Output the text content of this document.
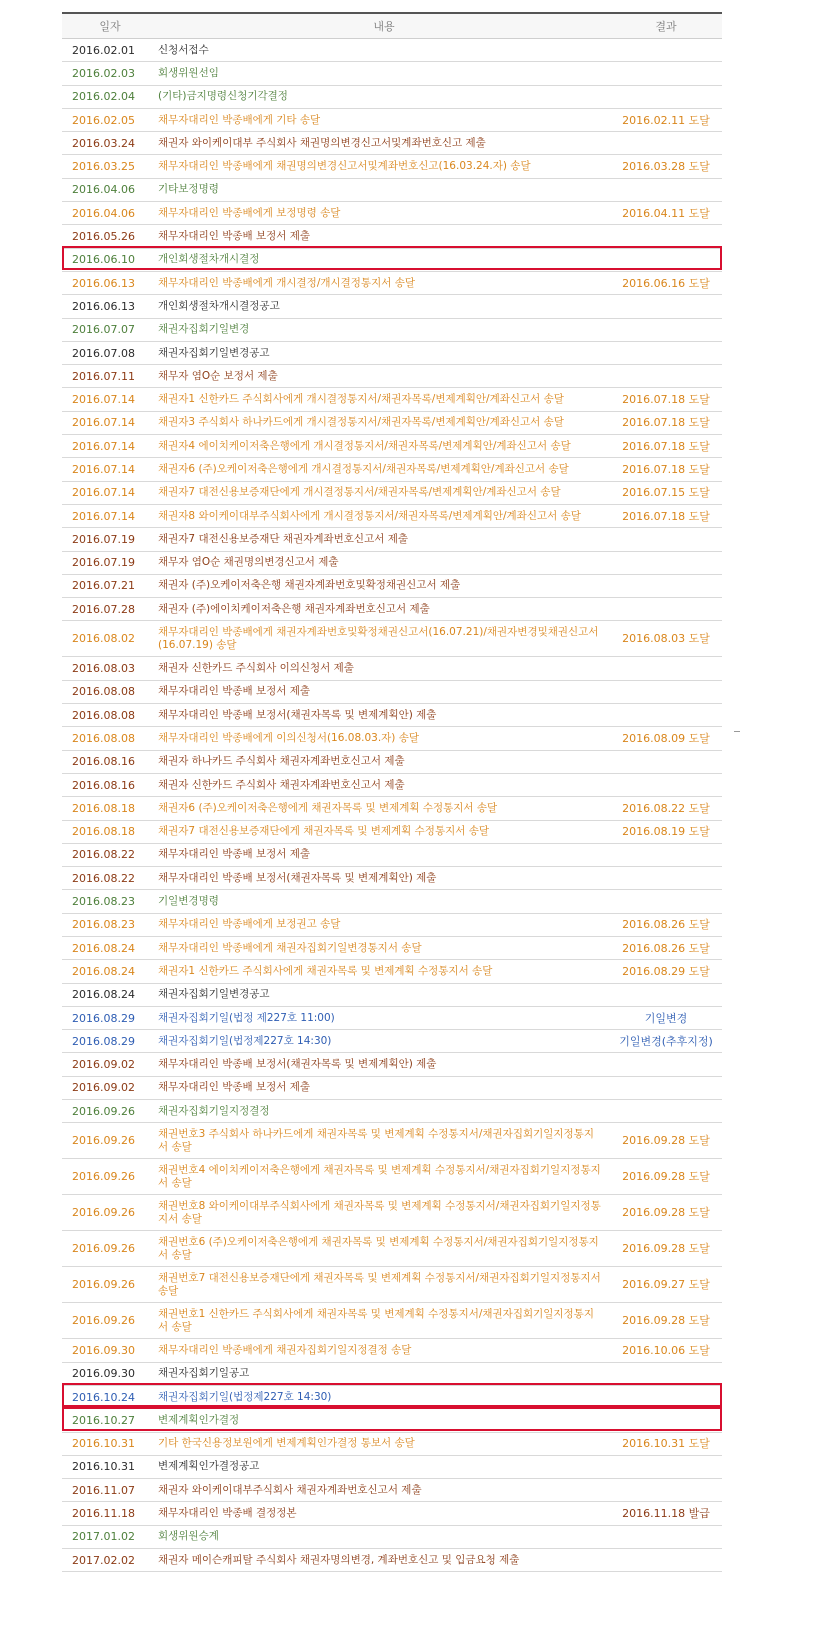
일자	내용	결과
2016.02.01	신청서접수	
2016.02.03	회생위원선임	
2016.02.04	(기타)금지명령신청기각결정	
2016.02.05	채무자대리인 박종배에게 기타 송달	2016.02.11 도달
2016.03.24	채권자 와이케이대부 주식회사 채권명의변경신고서및계좌번호신고 제출	
2016.03.25	채무자대리인 박종배에게 채권명의변경신고서및계좌번호신고(16.03.24.자) 송달	2016.03.28 도달
2016.04.06	기타보정명령	
2016.04.06	채무자대리인 박종배에게 보정명령 송달	2016.04.11 도달
2016.05.26	채무자대리인 박종배 보정서 제출	
2016.06.10	개인회생절차개시결정	
2016.06.13	채무자대리인 박종배에게 개시결정/개시결정통지서 송달	2016.06.16 도달
2016.06.13	개인회생절차개시결정공고	
2016.07.07	채권자집회기일변경	
2016.07.08	채권자집회기일변경공고	
2016.07.11	채무자 염O순 보정서 제출	
2016.07.14	채권자1 신한카드 주식회사에게 개시결정통지서/채권자목록/변제계획안/계좌신고서 송달	2016.07.18 도달
2016.07.14	채권자3 주식회사 하나카드에게 개시결정통지서/채권자목록/변제계획안/계좌신고서 송달	2016.07.18 도달
2016.07.14	채권자4 에이치케이저축은행에게 개시결정통지서/채권자목록/변제계획안/계좌신고서 송달	2016.07.18 도달
2016.07.14	채권자6 (주)오케이저축은행에게 개시결정통지서/채권자목록/변제계획안/계좌신고서 송달	2016.07.18 도달
2016.07.14	채권자7 대전신용보증재단에게 개시결정통지서/채권자목록/변제계획안/계좌신고서 송달	2016.07.15 도달
2016.07.14	채권자8 와이케이대부주식회사에게 개시결정통지서/채권자목록/변제계획안/계좌신고서 송달	2016.07.18 도달
2016.07.19	채권자7 대전신용보증재단 채권자계좌번호신고서 제출	
2016.07.19	채무자 염O순 채권명의변경신고서 제출	
2016.07.21	채권자 (주)오케이저축은행 채권자계좌번호및확정채권신고서 제출	
2016.07.28	채권자 (주)에이치케이저축은행 채권자계좌번호신고서 제출	
2016.08.02	채무자대리인 박종배에게 채권자계좌번호및확정채권신고서(16.07.21)/채권자변경및채권신고서(16.07.19) 송달	2016.08.03 도달
2016.08.03	채권자 신한카드 주식회사 이의신청서 제출	
2016.08.08	채무자대리인 박종배 보정서 제출	
2016.08.08	채무자대리인 박종배 보정서(채권자목록 및 변제계획안) 제출	
2016.08.08	채무자대리인 박종배에게 이의신청서(16.08.03.자) 송달	2016.08.09 도달
2016.08.16	채권자 하나카드 주식회사 채권자계좌번호신고서 제출	
2016.08.16	채권자 신한카드 주식회사 채권자계좌번호신고서 제출	
2016.08.18	채권자6 (주)오케이저축은행에게 채권자목록 및 변제계획 수정통지서 송달	2016.08.22 도달
2016.08.18	채권자7 대전신용보증재단에게 채권자목록 및 변제계획 수정통지서 송달	2016.08.19 도달
2016.08.22	채무자대리인 박종배 보정서 제출	
2016.08.22	채무자대리인 박종배 보정서(채권자목록 및 변제계획안) 제출	
2016.08.23	기일변경명령	
2016.08.23	채무자대리인 박종배에게 보정권고 송달	2016.08.26 도달
2016.08.24	채무자대리인 박종배에게 채권자집회기일변경통지서 송달	2016.08.26 도달
2016.08.24	채권자1 신한카드 주식회사에게 채권자목록 및 변제계획 수정통지서 송달	2016.08.29 도달
2016.08.24	채권자집회기일변경공고	
2016.08.29	채권자집회기일(법정 제227호 11:00)	기일변경
2016.08.29	채권자집회기일(법정제227호 14:30)	기일변경(추후지정)
2016.09.02	채무자대리인 박종배 보정서(채권자목록 및 변제계획안) 제출	
2016.09.02	채무자대리인 박종배 보정서 제출	
2016.09.26	채권자집회기일지정결정	
2016.09.26	채권번호3 주식회사 하나카드에게 채권자목록 및 변제계획 수정통지서/채권자집회기일지정통지서 송달	2016.09.28 도달
2016.09.26	채권번호4 에이치케이저축은행에게 채권자목록 및 변제계획 수정통지서/채권자집회기일지정통지서 송달	2016.09.28 도달
2016.09.26	채권번호8 와이케이대부주식회사에게 채권자목록 및 변제계획 수정통지서/채권자집회기일지정통지서 송달	2016.09.28 도달
2016.09.26	채권번호6 (주)오케이저축은행에게 채권자목록 및 변제계획 수정통지서/채권자집회기일지정통지서 송달	2016.09.28 도달
2016.09.26	채권번호7 대전신용보증재단에게 채권자목록 및 변제계획 수정통지서/채권자집회기일지정통지서 송달	2016.09.27 도달
2016.09.26	채권번호1 신한카드 주식회사에게 채권자목록 및 변제계획 수정통지서/채권자집회기일지정통지서 송달	2016.09.28 도달
2016.09.30	채무자대리인 박종배에게 채권자집회기일지정결정 송달	2016.10.06 도달
2016.09.30	채권자집회기일공고	
2016.10.24	채권자집회기일(법정제227호 14:30)	
2016.10.27	변제계획인가결정	
2016.10.31	기타 한국신용정보원에게 변제계획인가결정 통보서 송달	2016.10.31 도달
2016.10.31	변제계획인가결정공고	
2016.11.07	채권자 와이케이대부주식회사 채권자계좌번호신고서 제출	
2016.11.18	채무자대리인 박종배 결정정본	2016.11.18 발급
2017.01.02	회생위원승계	
2017.02.02	채권자 메이슨캐피탈 주식회사 채권자명의변경, 계좌번호신고 및 입금요청 제출	
